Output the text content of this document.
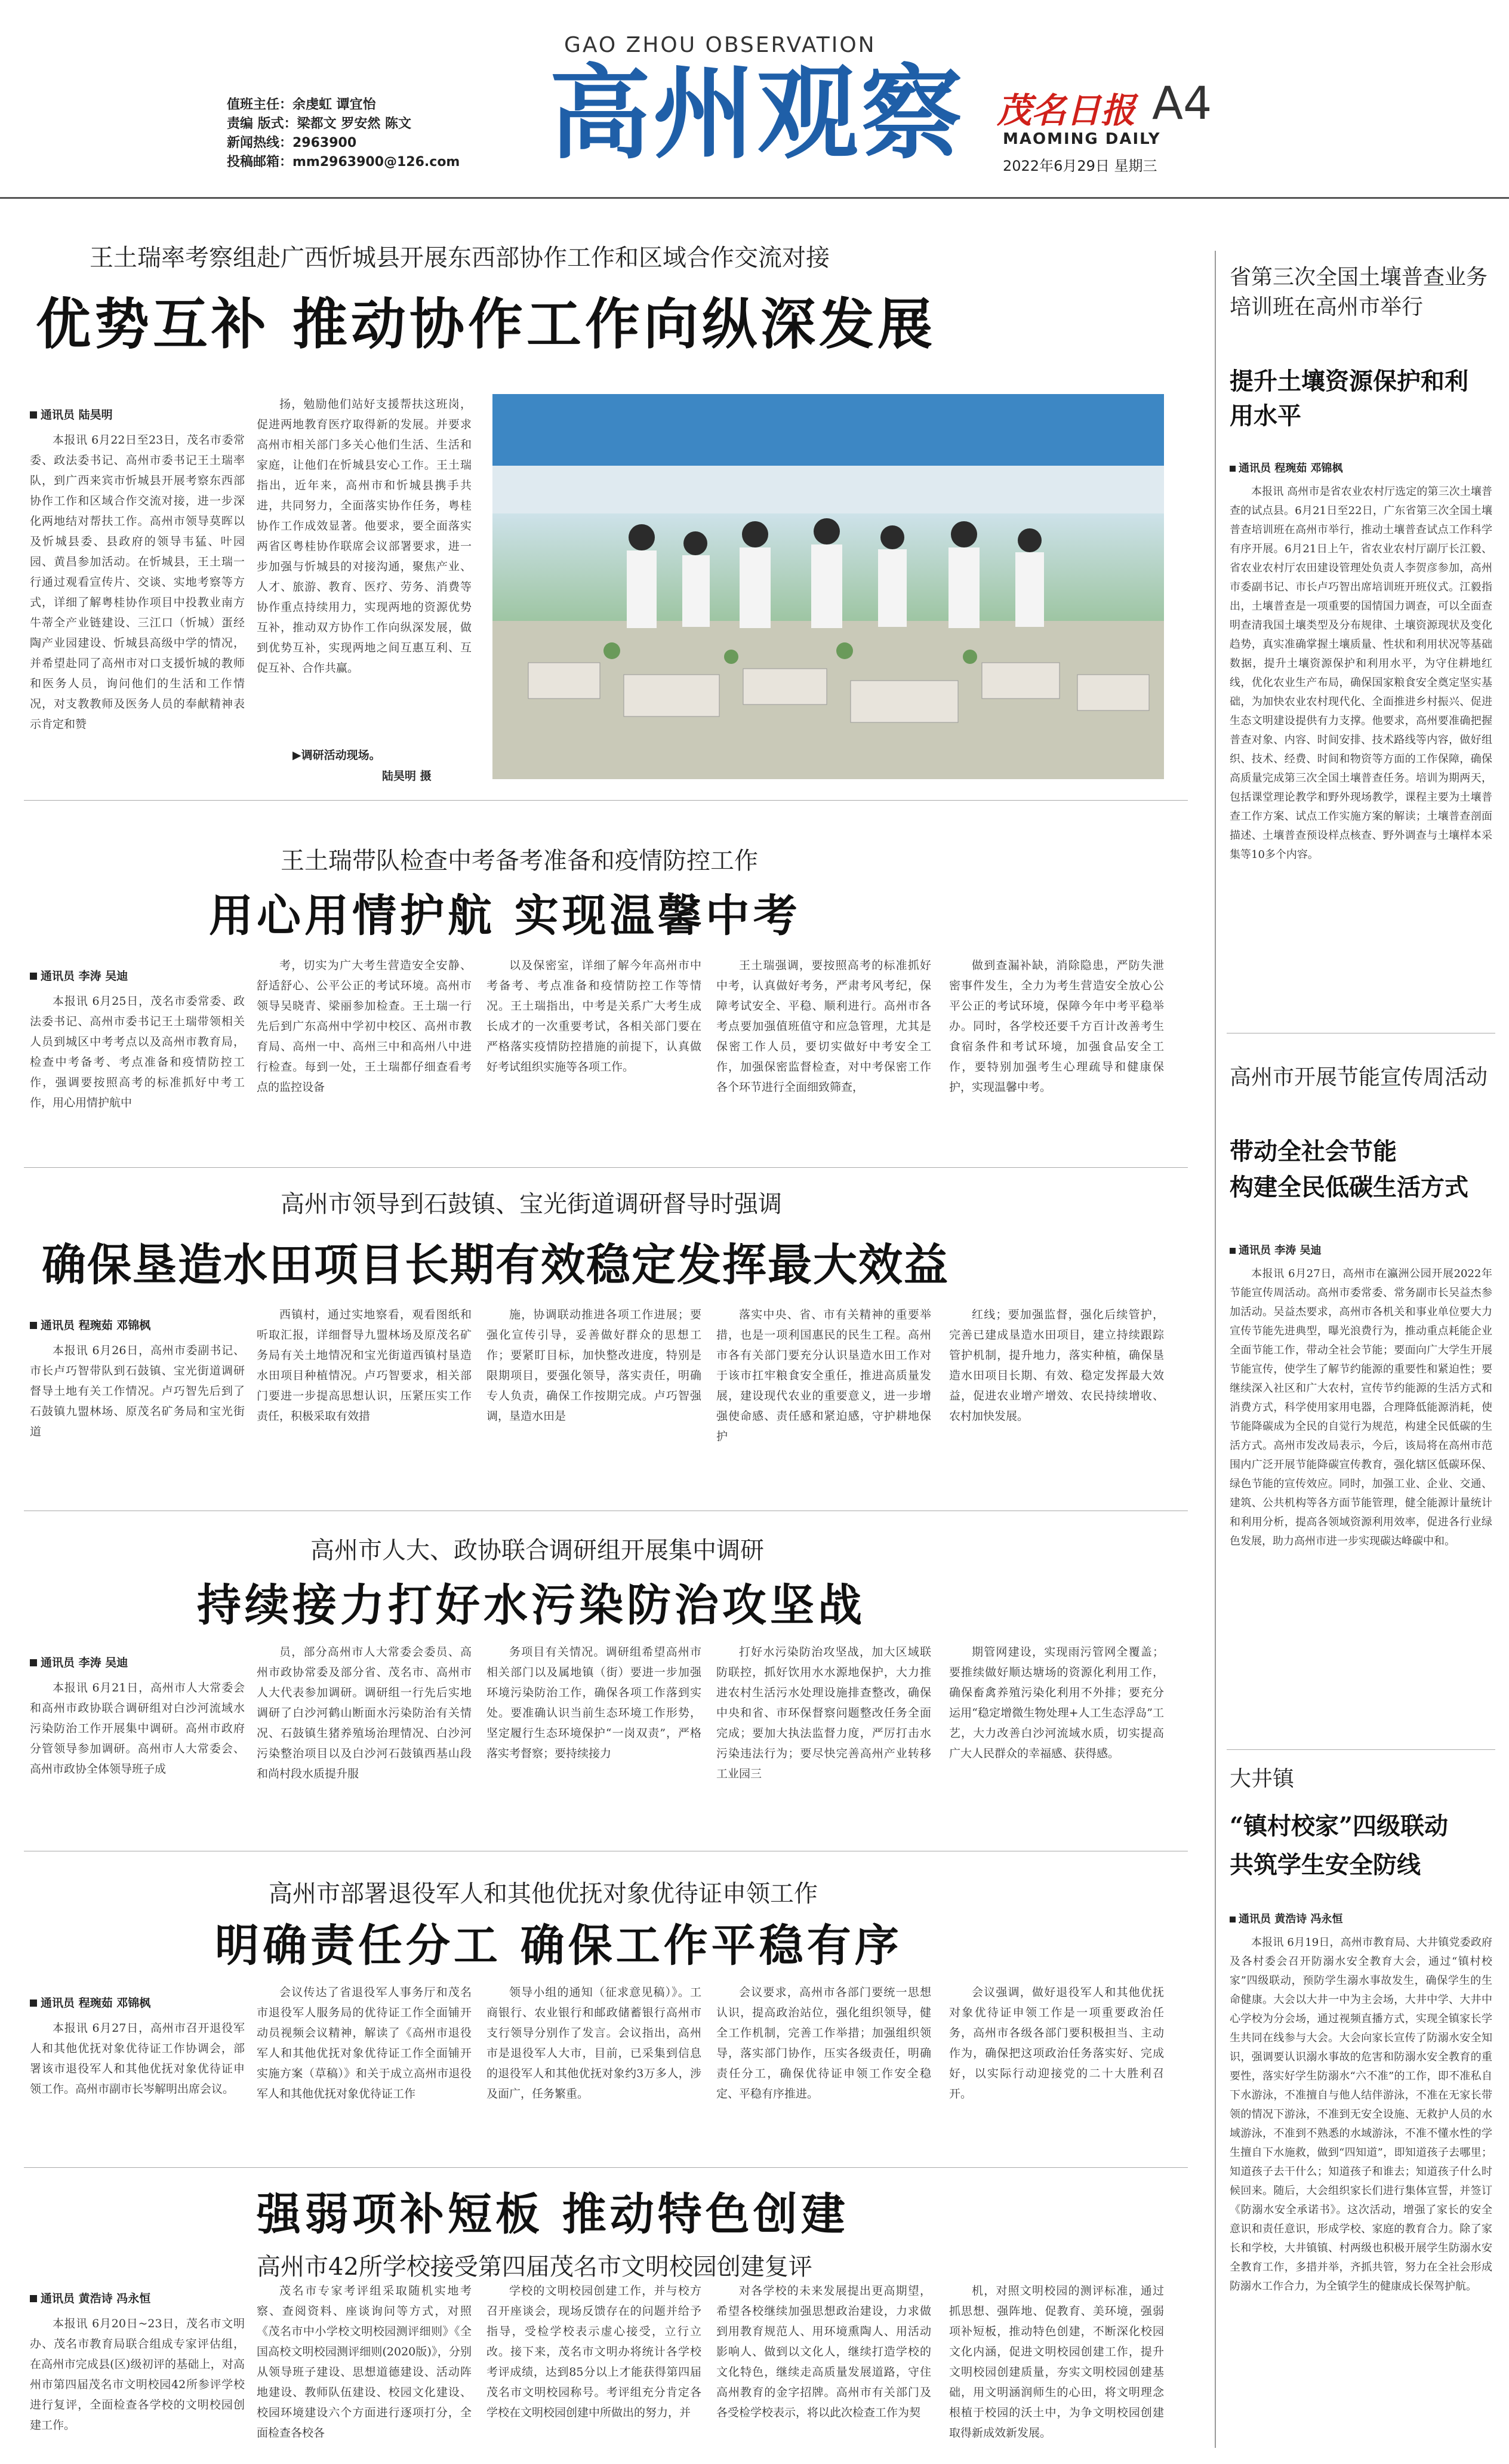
值班主任：余虔虹 谭宜怡
责编 版式：梁都文 罗安然 陈文
新闻热线：2963900
投稿邮箱：mm2963900@126.com
GAO ZHOU OBSERVATION
高州观察 茂名日报 A4
MAOMING DAILY
2022年6月29日 星期三
王土瑞率考察组赴广西忻城县开展东西部协作工作和区域合作交流对接
优势互补 推动协作工作向纵深发展
通讯员 陆昊明

本报讯 6月22日至23日，茂名市委常委、政法委书记、高州市委书记王土瑞率队，到广西来宾市忻城县开展考察东西部协作工作和区域合作交流对接，进一步深化两地结对帮扶工作。高州市领导莫晖以及忻城县委、县政府的领导韦猛、叶园园、黄昌参加活动。在忻城县，王土瑞一行通过观看宣传片、交谈、实地考察等方式，详细了解粤桂协作项目中投教业南方牛蒂全产业链建设、三江口（忻城）蛋经陶产业园建设、忻城县高级中学的情况，并希望赴同了高州市对口支援忻城的教师和医务人员，询问他们的生活和工作情况，对支教教师及医务人员的奉献精神表示肯定和赞

扬，勉励他们站好支援帮扶这班岗，促进两地教育医疗取得新的发展。并要求高州市相关部门多关心他们生活、生活和家庭，让他们在忻城县安心工作。王土瑞指出，近年来，高州市和忻城县携手共进，共同努力，全面落实协作任务，粤桂协作工作成效显著。他要求，要全面落实两省区粤桂协作联席会议部署要求，进一步加强与忻城县的对接沟通，聚焦产业、人才、旅游、教育、医疗、劳务、消费等协作重点持续用力，实现两地的资源优势互补，推动双方协作工作向纵深发展，做到优势互补，实现两地之间互惠互利、互促互补、合作共赢。

▶调研活动现场。
陆昊明 摄
王土瑞带队检查中考备考准备和疫情防控工作
用心用情护航 实现温馨中考
通讯员 李涛 吴迪

本报讯 6月25日，茂名市委常委、政法委书记、高州市委书记王土瑞带领相关人员到城区中考考点以及高州市教育局，检查中考备考、考点准备和疫情防控工作，强调要按照高考的标准抓好中考工作，用心用情护航中

考，切实为广大考生营造安全安静、舒适舒心、公平公正的考试环境。高州市领导吴晓青、梁丽参加检查。王土瑞一行先后到广东高州中学初中校区、高州市教育局、高州一中、高州三中和高州八中进行检查。每到一处，王土瑞都仔细查看考点的监控设备

以及保密室，详细了解今年高州市中考备考、考点准备和疫情防控工作等情况。王土瑞指出，中考是关系广大考生成长成才的一次重要考试，各相关部门要在严格落实疫情防控措施的前提下，认真做好考试组织实施等各项工作。

王土瑞强调，要按照高考的标准抓好中考，认真做好考务，严肃考风考纪，保障考试安全、平稳、顺利进行。高州市各考点要加强值班值守和应急管理，尤其是保密工作人员，要切实做好中考安全工作，加强保密监督检查，对中考保密工作各个环节进行全面细致筛查，

做到查漏补缺，消除隐患，严防失泄密事件发生，全力为考生营造安全放心公平公正的考试环境，保障今年中考平稳举办。同时，各学校还要千方百计改善考生食宿条件和考试环境，加强食品安全工作，要特别加强考生心理疏导和健康保护，实现温馨中考。

高州市领导到石鼓镇、宝光街道调研督导时强调
确保垦造水田项目长期有效稳定发挥最大效益
通讯员 程琬茹 邓锦枫

本报讯 6月26日，高州市委副书记、市长卢巧智带队到石鼓镇、宝光街道调研督导土地有关工作情况。卢巧智先后到了石鼓镇九盟林场、原茂名矿务局和宝光街道

西镇村，通过实地察看，观看图纸和听取汇报，详细督导九盟林场及原茂名矿务局有关土地情况和宝光街道西镇村垦造水田项目种植情况。卢巧智要求，相关部门要进一步提高思想认识，压紧压实工作责任，积极采取有效措

施，协调联动推进各项工作进展；要强化宣传引导，妥善做好群众的思想工作；要紧盯目标，加快整改进度，特别是限期项目，要强化领导，落实责任，明确专人负责，确保工作按期完成。卢巧智强调，垦造水田是

落实中央、省、市有关精神的重要举措，也是一项利国惠民的民生工程。高州市各有关部门要充分认识垦造水田工作对于该市扛牢粮食安全重任，推进高质量发展，建设现代农业的重要意义，进一步增强使命感、责任感和紧迫感，守护耕地保护

红线；要加强监督，强化后续管护，完善已建成垦造水田项目，建立持续跟踪管护机制，提升地力，落实种植，确保垦造水田项目长期、有效、稳定发挥最大效益，促进农业增产增效、农民持续增收、农村加快发展。

高州市人大、政协联合调研组开展集中调研
持续接力打好水污染防治攻坚战
通讯员 李涛 吴迪

本报讯 6月21日，高州市人大常委会和高州市政协联合调研组对白沙河流域水污染防治工作开展集中调研。高州市政府分管领导参加调研。高州市人大常委会、高州市政协全体领导班子成

员，部分高州市人大常委会委员、高州市政协常委及部分省、茂名市、高州市人大代表参加调研。调研组一行先后实地调研了白沙河鹤山断面水污染防治有关情况、石鼓镇生猪养殖场治理情况、白沙河污染整治项目以及白沙河石鼓镇西基山段和尚村段水质提升服

务项目有关情况。调研组希望高州市相关部门以及属地镇（街）要进一步加强环境污染防治工作，确保各项工作落到实处。要准确认识当前生态环境工作形势，坚定履行生态环境保护“一岗双责”，严格落实考督察；要持续接力

打好水污染防治攻坚战，加大区域联防联控，抓好饮用水水源地保护，大力推进农村生活污水处理设施排查整改，确保中央和省、市环保督察问题整改任务全面完成；要加大执法监督力度，严厉打击水污染违法行为；要尽快完善高州产业转移工业园三

期管网建设，实现雨污管网全覆盖；要推续做好顺达塘场的资源化利用工作，确保畜禽养殖污染化利用不外排；要充分运用“稳定增微生物处理+人工生态浮岛”工艺，大力改善白沙河流域水质，切实提高广大人民群众的幸福感、获得感。

高州市部署退役军人和其他优抚对象优待证申领工作
明确责任分工 确保工作平稳有序
通讯员 程琬茹 邓锦枫

本报讯 6月27日，高州市召开退役军人和其他优抚对象优待证工作协调会，部署该市退役军人和其他优抚对象优待证申领工作。高州市副市长岑解明出席会议。

会议传达了省退役军人事务厅和茂名市退役军人服务局的优待证工作全面铺开动员视频会议精神，解读了《高州市退役军人和其他优抚对象优待证工作全面铺开实施方案（草稿）》和关于成立高州市退役军人和其他优抚对象优待证工作

领导小组的通知（征求意见稿）》。工商银行、农业银行和邮政储蓄银行高州市支行领导分别作了发言。会议指出，高州市是退役军人大市，目前，已采集到信息的退役军人和其他优抚对象约3万多人，涉及面广，任务繁重。

会议要求，高州市各部门要统一思想认识，提高政治站位，强化组织领导，健全工作机制，完善工作举措；加强组织领导，落实部门协作，压实各级责任，明确责任分工，确保优待证申领工作安全稳定、平稳有序推进。

会议强调，做好退役军人和其他优抚对象优待证申领工作是一项重要政治任务，高州市各级各部门要积极担当、主动作为，确保把这项政治任务落实好、完成好，以实际行动迎接党的二十大胜利召开。

强弱项补短板 推动特色创建
高州市42所学校接受第四届茂名市文明校园创建复评
通讯员 黄浩诗 冯永恒

本报讯 6月20日~23日，茂名市文明办、茂名市教育局联合组成专家评估组，在高州市完成县(区)级初评的基础上，对高州市第四届茂名市文明校园42所参评学校进行复评，全面检查各学校的文明校园创建工作。

茂名市专家考评组采取随机实地考察、查阅资料、座谈询问等方式，对照《茂名市中小学校文明校园测评细则》《全国高校文明校园测评细则(2020版)》，分别从领导班子建设、思想道德建设、活动阵地建设、教师队伍建设、校园文化建设、校园环境建设六个方面进行逐项打分，全面检查各校各

学校的文明校园创建工作，并与校方召开座谈会，现场反馈存在的问题并给予指导，受检学校表示虚心接受，立行立改。接下来，茂名市文明办将统计各学校考评成绩，达到85分以上才能获得第四届茂名市文明校园称号。考评组充分肯定各学校在文明校园创建中所做出的努力，并

对各学校的未来发展提出更高期望，希望各校继续加强思想政治建设，力求做到用教育规范人、用环境熏陶人、用活动影响人、做到以文化人，继续打造学校的文化特色，继续走高质量发展道路，守住高州教育的金字招牌。高州市有关部门及各受检学校表示，将以此次检查工作为契

机，对照文明校园的测评标准，通过抓思想、强阵地、促教育、美环境，强弱项补短板，推动特色创建，不断深化校园文化内涵，促进文明校园创建工作，提升文明校园创建质量，夯实文明校园创建基础，用文明涵润师生的心田，将文明理念根植于校园的沃土中，为争文明校园创建取得新成效新发展。

省第三次全国土壤普查业务培训班在高州市举行
提升土壤资源保护和利用水平
通讯员 程琬茹 邓锦枫

本报讯 高州市是省农业农村厅选定的第三次土壤普查的试点县。6月21日至22日，广东省第三次全国土壤普查培训班在高州市举行，推动土壤普查试点工作科学有序开展。6月21日上午，省农业农村厅副厅长江毅、省农业农村厅农田建设管理处负责人李贺彦参加，高州市委副书记、市长卢巧智出席培训班开班仪式。江毅指出，土壤普查是一项重要的国情国力调查，可以全面查明查清我国土壤类型及分布规律、土壤资源现状及变化趋势，真实准确掌握土壤质量、性状和利用状况等基础数据，提升土壤资源保护和利用水平，为守住耕地红线，优化农业生产布局，确保国家粮食安全奠定坚实基础，为加快农业农村现代化、全面推进乡村振兴、促进生态文明建设提供有力支撑。他要求，高州要准确把握普查对象、内容、时间安排、技术路线等内容，做好组织、技术、经费、时间和物资等方面的工作保障，确保高质量完成第三次全国土壤普查任务。培训为期两天，包括课堂理论教学和野外现场教学，课程主要为土壤普查工作方案、试点工作实施方案的解读；土壤普查剖面描述、土壤普查预设样点核查、野外调查与土壤样本采集等10多个内容。

高州市开展节能宣传周活动
带动全社会节能
构建全民低碳生活方式
通讯员 李涛 吴迪

本报讯 6月27日，高州市在瀛洲公园开展2022年节能宣传周活动。高州市委常委、常务副市长吴益杰参加活动。吴益杰要求，高州市各机关和事业单位要大力宣传节能先进典型，曝光浪费行为，推动重点耗能企业全面节能工作，带动全社会节能；要面向广大学生开展节能宣传，使学生了解节约能源的重要性和紧迫性；要继续深入社区和广大农村，宣传节约能源的生活方式和消费方式，科学使用家用电器，合理降低能源消耗，使节能降碳成为全民的自觉行为规范，构建全民低碳的生活方式。高州市发改局表示，今后，该局将在高州市范围内广泛开展节能降碳宣传教育，强化辖区低碳环保、绿色节能的宣传效应。同时，加强工业、企业、交通、建筑、公共机构等各方面节能管理，健全能源计量统计和利用分析，提高各领域资源利用效率，促进各行业绿色发展，助力高州市进一步实现碳达峰碳中和。

大井镇
“镇村校家”四级联动
共筑学生安全防线
通讯员 黄浩诗 冯永恒

本报讯 6月19日，高州市教育局、大井镇党委政府及各村委会召开防溺水安全教育大会，通过“镇村校家”四级联动，预防学生溺水事故发生，确保学生的生命健康。大会以大井一中为主会场，大井中学、大井中心学校为分会场，通过视频直播方式，实现全镇家长学生共同在线参与大会。大会向家长宣传了防溺水安全知识，强调要认识溺水事故的危害和防溺水安全教育的重要性，落实好学生防溺水“六不准”的工作，即不准私自下水游泳，不准擅自与他人结伴游泳，不准在无家长带领的情况下游泳，不准到无安全设施、无救护人员的水域游泳，不准到不熟悉的水域游泳，不准不懂水性的学生擅自下水施救，做到“四知道”，即知道孩子去哪里；知道孩子去干什么；知道孩子和谁去；知道孩子什么时候回来。随后，大会组织家长们进行集体宣誓，并签订《防溺水安全承诺书》。这次活动，增强了家长的安全意识和责任意识，形成学校、家庭的教育合力。除了家长和学校，大井镇镇、村两级也积极开展学生防溺水安全教育工作，多措并举，齐抓共管，努力在全社会形成防溺水工作合力，为全镇学生的健康成长保驾护航。
